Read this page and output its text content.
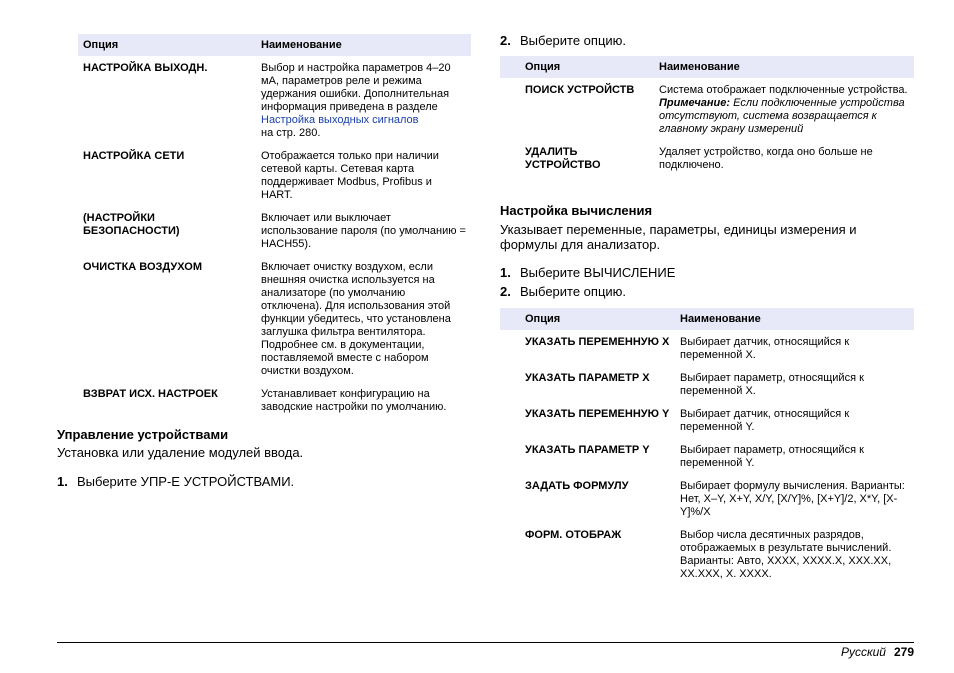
Опция	Наименование
НАСТРОЙКА ВЫХОДН.	Выбор и настройка параметров 4–20 мА, параметров реле и режима удержания ошибки. Дополнительная информация приведена в разделе
Настройка выходных сигналов
на стр. 280.
НАСТРОЙКА СЕТИ	Отображается только при наличии сетевой карты. Сетевая карта поддерживает Modbus, Profibus и HART.
(НАСТРОЙКИ БЕЗОПАСНОСТИ)	Включает или выключает использование пароля (по умолчанию = HACH55).
ОЧИСТКА ВОЗДУХОМ	Включает очистку воздухом, если внешняя очистка используется на анализаторе (по умолчанию отключена). Для использования этой функции убедитесь, что установлена заглушка фильтра вентилятора. Подробнее см. в документации, поставляемой вместе с набором очистки воздухом.
ВЗВРАТ ИСХ. НАСТРОЕК	Устанавливает конфигурацию на заводские настройки по умолчанию.
Управление устройствами
Установка или удаление модулей ввода.
1. Выберите УПР-Е УСТРОЙСТВАМИ.
2. Выберите опцию.
Опция	Наименование
ПОИСК УСТРОЙСТВ	Система отображает подключенные устройства.
Примечание: Если подключенные устройства отсутствуют, система возвращается к главному экрану измерений
УДАЛИТЬ УСТРОЙСТВО	Удаляет устройство, когда оно больше не подключено.
Настройка вычисления
Указывает переменные, параметры, единицы измерения и формулы для анализатор.
1. Выберите ВЫЧИСЛЕНИЕ
2. Выберите опцию.
Опция	Наименование
УКАЗАТЬ ПЕРЕМЕННУЮ X	Выбирает датчик, относящийся к переменной X.
УКАЗАТЬ ПАРАМЕТР X	Выбирает параметр, относящийся к переменной X.
УКАЗАТЬ ПЕРЕМЕННУЮ Y	Выбирает датчик, относящийся к переменной Y.
УКАЗАТЬ ПАРАМЕТР Y	Выбирает параметр, относящийся к переменной Y.
ЗАДАТЬ ФОРМУЛУ	Выбирает формулу вычисления. Варианты: Нет, X–Y, X+Y, X/Y, [X/Y]%, [X+Y]/2, X*Y, [X-Y]%/X
ФОРМ. ОТОБРАЖ	Выбор числа десятичных разрядов, отображаемых в результате вычислений. Варианты: Авто, XXXX, XXXX.X, XXX.XX, XX.XXX, X. XXXX.
Русский 279
